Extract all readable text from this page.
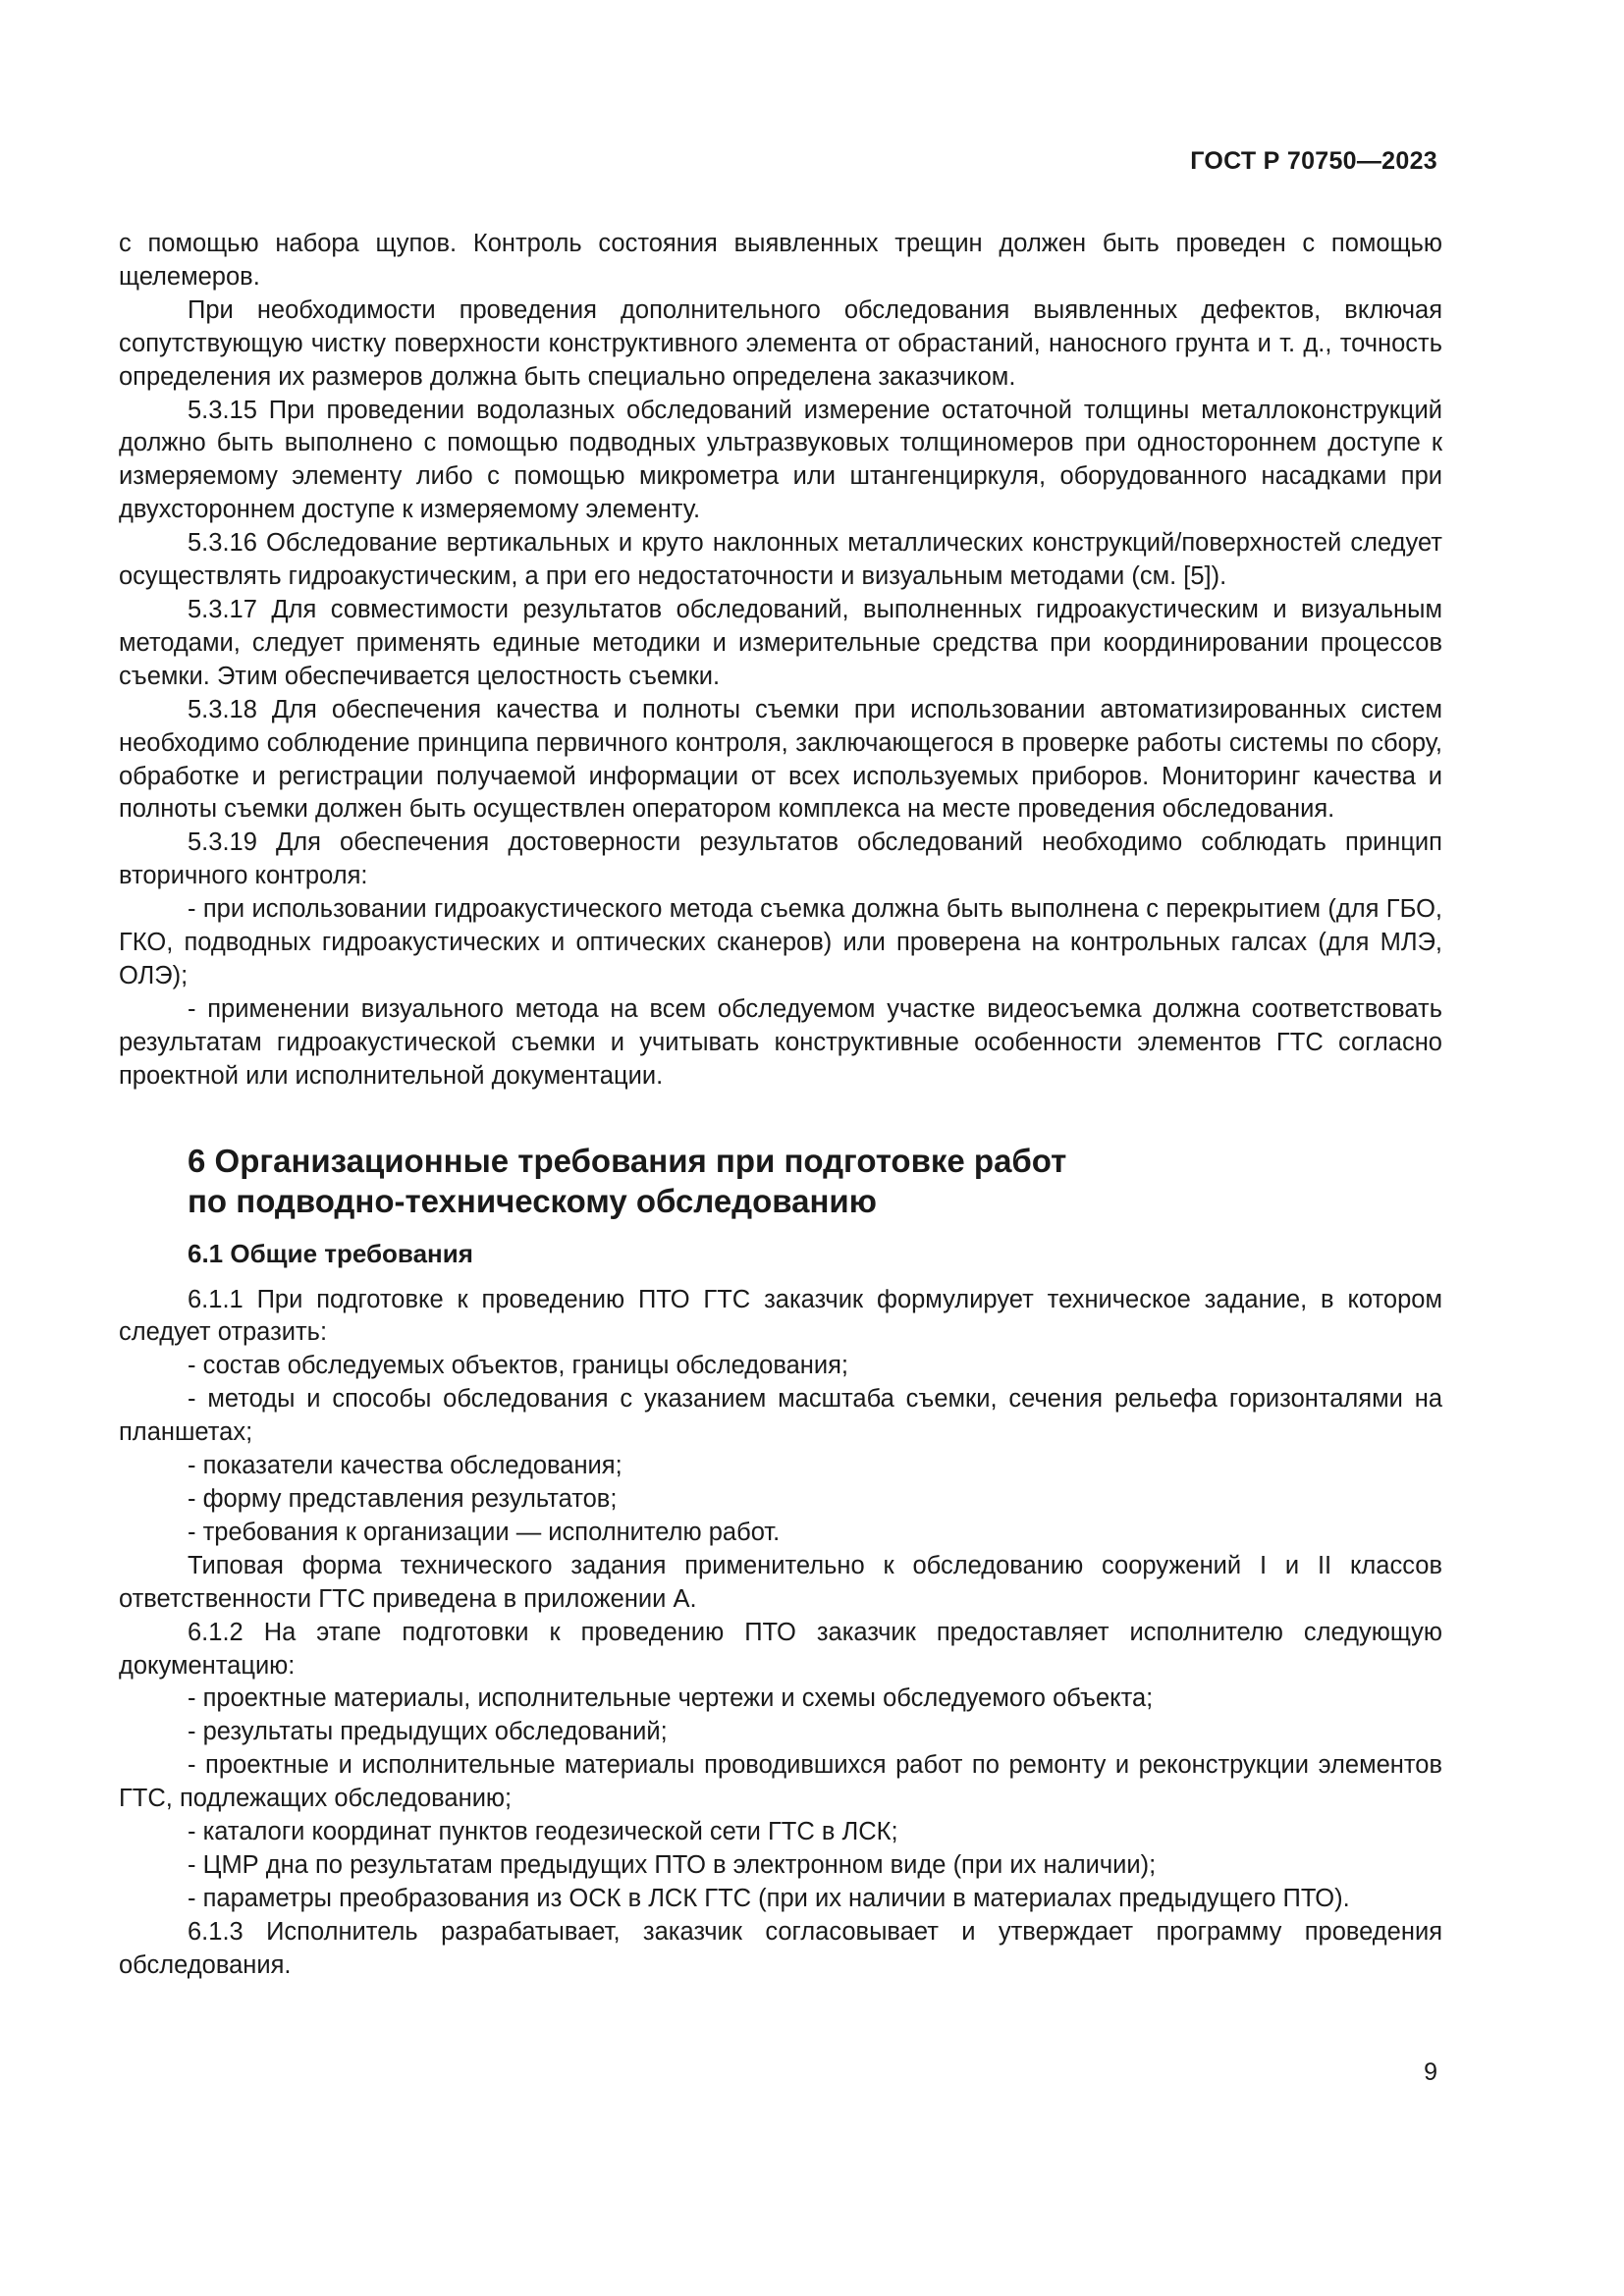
ГОСТ Р 70750—2023

с помощью набора щупов. Контроль состояния выявленных трещин должен быть проведен с помощью щелемеров.

При необходимости проведения дополнительного обследования выявленных дефектов, включая сопутствующую чистку поверхности конструктивного элемента от обрастаний, наносного грунта и т. д., точность определения их размеров должна быть специально определена заказчиком.

5.3.15 При проведении водолазных обследований измерение остаточной толщины металлоконструкций должно быть выполнено с помощью подводных ультразвуковых толщиномеров при одностороннем доступе к измеряемому элементу либо с помощью микрометра или штангенциркуля, оборудованного насадками при двухстороннем доступе к измеряемому элементу.

5.3.16 Обследование вертикальных и круто наклонных металлических конструкций/поверхностей следует осуществлять гидроакустическим, а при его недостаточности и визуальным методами (см. [5]).

5.3.17 Для совместимости результатов обследований, выполненных гидроакустическим и визуальным методами, следует применять единые методики и измерительные средства при координировании процессов съемки. Этим обеспечивается целостность съемки.

5.3.18 Для обеспечения качества и полноты съемки при использовании автоматизированных систем необходимо соблюдение принципа первичного контроля, заключающегося в проверке работы системы по сбору, обработке и регистрации получаемой информации от всех используемых приборов. Мониторинг качества и полноты съемки должен быть осуществлен оператором комплекса на месте проведения обследования.

5.3.19 Для обеспечения достоверности результатов обследований необходимо соблюдать принцип вторичного контроля:

- при использовании гидроакустического метода съемка должна быть выполнена с перекрытием (для ГБО, ГКО, подводных гидроакустических и оптических сканеров) или проверена на контрольных галсах (для МЛЭ, ОЛЭ);

- применении визуального метода на всем обследуемом участке видеосъемка должна соответствовать результатам гидроакустической съемки и учитывать конструктивные особенности элементов ГТС согласно проектной или исполнительной документации.

6 Организационные требования при подготовке работ
по подводно-техническому обследованию
6.1 Общие требования

6.1.1 При подготовке к проведению ПТО ГТС заказчик формулирует техническое задание, в котором следует отразить:

- состав обследуемых объектов, границы обследования;

- методы и способы обследования с указанием масштаба съемки, сечения рельефа горизонталями на планшетах;

- показатели качества обследования;

- форму представления результатов;

- требования к организации — исполнителю работ.

Типовая форма технического задания применительно к обследованию сооружений I и II классов ответственности ГТС приведена в приложении А.

6.1.2 На этапе подготовки к проведению ПТО заказчик предоставляет исполнителю следующую документацию:

- проектные материалы, исполнительные чертежи и схемы обследуемого объекта;

- результаты предыдущих обследований;

- проектные и исполнительные материалы проводившихся работ по ремонту и реконструкции элементов ГТС, подлежащих обследованию;

- каталоги координат пунктов геодезической сети ГТС в ЛСК;

- ЦМР дна по результатам предыдущих ПТО в электронном виде (при их наличии);

- параметры преобразования из ОСК в ЛСК ГТС (при их наличии в материалах предыдущего ПТО).

6.1.3 Исполнитель разрабатывает, заказчик согласовывает и утверждает программу проведения обследования.

9
